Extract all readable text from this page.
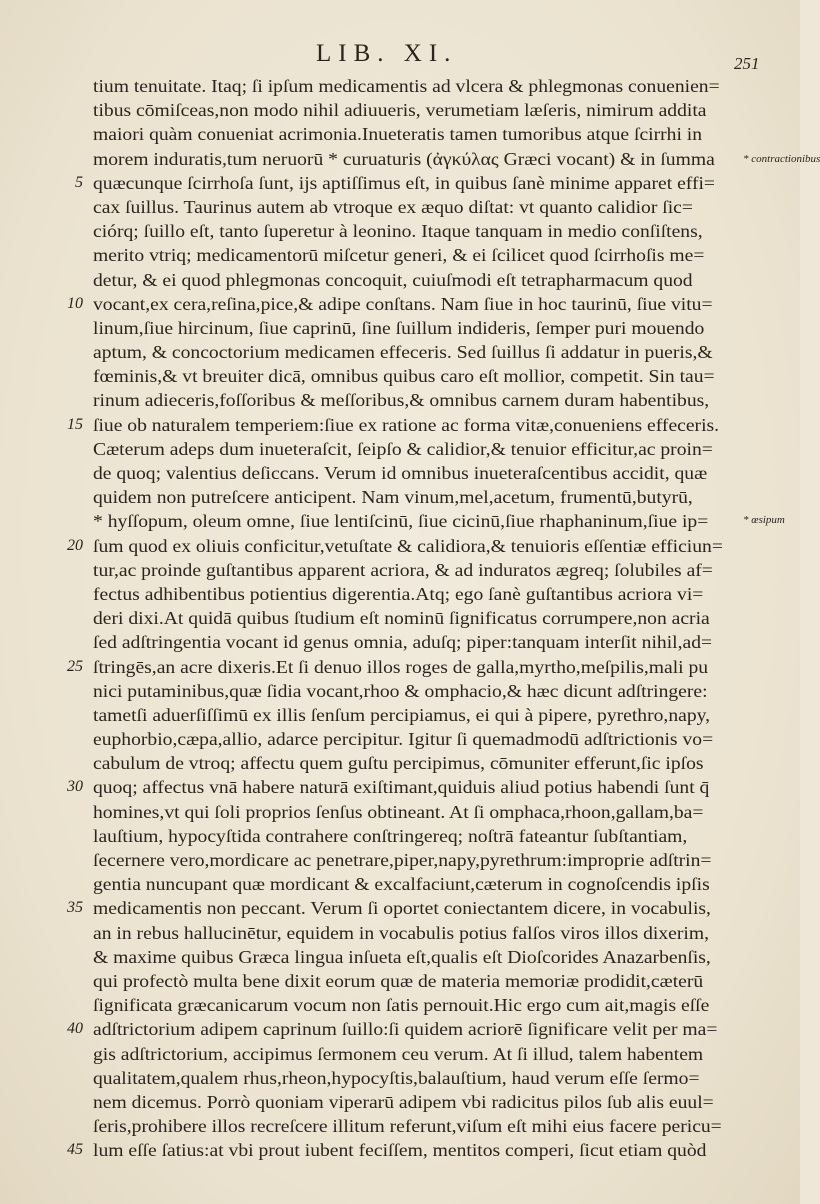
LIB. XI.	251
tium tenuitate. Itaq; ſi ipſum medicamentis ad vlcera & phlegmonas conuenien=
tibus cōmiſceas,non modo nihil adiuueris, verumetiam læſeris, nimirum addita
maiori quàm conueniat acrimonia.Inueteratis tamen tumoribus atque ſcirrhi in
morem induratis,tum neruorū * curuaturis (ἀγκύλας Græci vocant) & in ſumma	* contractionibus
5 quæcunque ſcirrhoſa ſunt, ijs aptiſſimus eſt, in quibus ſanè minime apparet effi=
cax ſuillus. Taurinus autem ab vtroque ex æquo diſtat: vt quanto calidior ſic=
ciórq; ſuillo eſt, tanto ſuperetur à leonino. Itaque tanquam in medio conſiſtens,
merito vtriq; medicamentorū miſcetur generi, & ei ſcilicet quod ſcirrhoſis me=
detur, & ei quod phlegmonas concoquit, cuiuſmodi eſt tetrapharmacum quod
10 vocant,ex cera,reſina,pice,& adipe conſtans. Nam ſiue in hoc taurinū, ſiue vitu=
linum,ſiue hircinum, ſiue caprinū, ſine ſuillum indideris, ſemper puri mouendo
aptum, & concoctorium medicamen effeceris. Sed ſuillus ſi addatur in pueris,&
fœminis,& vt breuiter dicā, omnibus quibus caro eſt mollior, competit. Sin tau=
rinum adieceris,foſſoribus & meſſoribus,& omnibus carnem duram habentibus,
15 ſiue ob naturalem temperiem:ſiue ex ratione ac forma vitæ,conueniens effeceris.
Cæterum adeps dum inueteraſcit, ſeipſo & calidior,& tenuior efficitur,ac proin=
de quoq; valentius deſiccans. Verum id omnibus inueteraſcentibus accidit, quæ
quidem non putreſcere anticipent. Nam vinum,mel,acetum, frumentū,butyrū,
* hyſſopum, oleum omne, ſiue lentiſcinū, ſiue cicinū,ſiue rhaphaninum,ſiue ip=	* œsipum
20 ſum quod ex oliuis conficitur,vetuſtate & calidiora,& tenuioris eſſentiæ efficiun=
tur,ac proinde guſtantibus apparent acriora, & ad induratos ægreq; ſolubiles af=
fectus adhibentibus potientius digerentia.Atq; ego ſanè guſtantibus acriora vi=
deri dixi.At quidā quibus ſtudium eſt nominū ſignificatus corrumpere,non acria
ſed adſtringentia vocant id genus omnia, aduſq; piper:tanquam interſit nihil,ad=
25 ſtringēs,an acre dixeris.Et ſi denuo illos roges de galla,myrtho,meſpilis,mali pu
nici putaminibus,quæ ſidia vocant,rhoo & omphacio,& hæc dicunt adſtringere:
tametſi aduerſiſſimū ex illis ſenſum percipiamus, ei qui à pipere, pyrethro,napy,
euphorbio,cæpa,allio, adarce percipitur. Igitur ſi quemadmodū adſtrictionis vo=
cabulum de vtroq; affectu quem guſtu percipimus, cōmuniter efferunt,ſic ipſos
30 quoq; affectus vnā habere naturā exiſtimant,quiduis aliud potius habendi ſunt q̄
homines,vt qui ſoli proprios ſenſus obtineant. At ſi omphaca,rhoon,gallam,ba=
lauſtium, hypocyſtida contrahere conſtringereq; noſtrā fateantur ſubſtantiam,
ſecernere vero,mordicare ac penetrare,piper,napy,pyrethrum:improprie adſtrin=
gentia nuncupant quæ mordicant & excalfaciunt,cæterum in cognoſcendis ipſis
35 medicamentis non peccant. Verum ſi oportet coniectantem dicere, in vocabulis,
an in rebus hallucinētur, equidem in vocabulis potius falſos viros illos dixerim,
& maxime quibus Græca lingua inſueta eſt,qualis eſt Dioſcorides Anazarbenſis,
qui profectò multa bene dixit eorum quæ de materia memoriæ prodidit,cæterū
ſignificata græcanicarum vocum non ſatis pernouit.Hic ergo cum ait,magis eſſe
40 adſtrictorium adipem caprinum ſuillo:ſi quidem acriorē ſignificare velit per ma=
gis adſtrictorium, accipimus ſermonem ceu verum. At ſi illud, talem habentem
qualitatem,qualem rhus,rheon,hypocyſtis,balauſtium, haud verum eſſe ſermo=
nem dicemus. Porrò quoniam viperarū adipem vbi radicitus pilos ſub alis euul=
ſeris,prohibere illos recreſcere illitum referunt,viſum eſt mihi eius facere pericu=
45 lum eſſe ſatius:at vbi prout iubent feciſſem, mentitos comperi, ſicut etiam quòd
